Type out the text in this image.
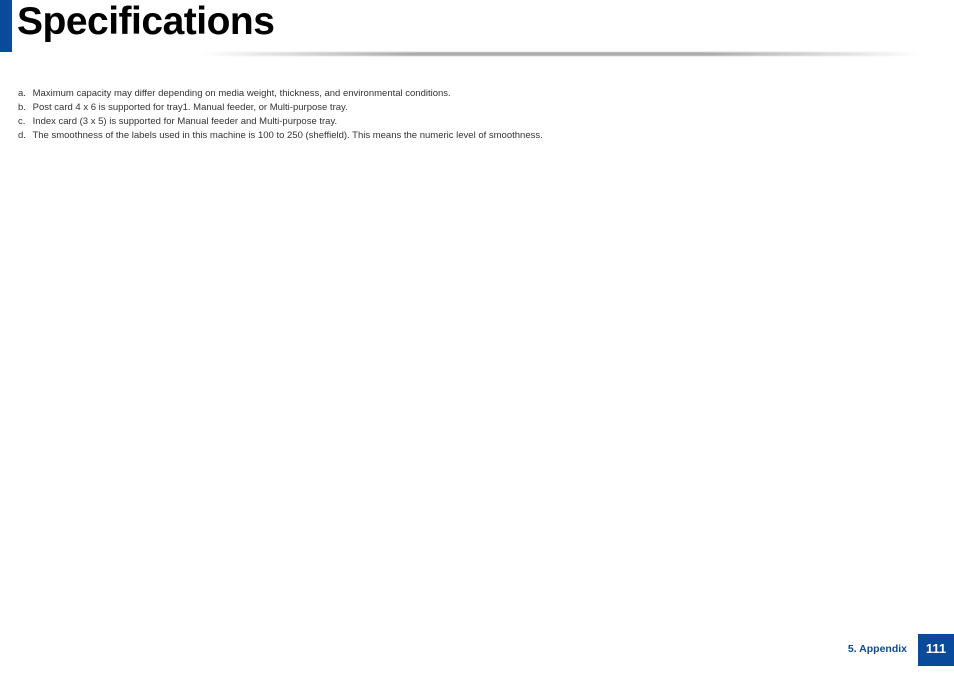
Specifications
a. Maximum capacity may differ depending on media weight, thickness, and environmental conditions.
b. Post card 4 x 6 is supported for tray1. Manual feeder, or Multi-purpose tray.
c. Index card (3 x 5) is supported for Manual feeder and Multi-purpose tray.
d. The smoothness of the labels used in this machine is 100 to 250 (sheffield). This means the numeric level of smoothness.
5. Appendix	111
